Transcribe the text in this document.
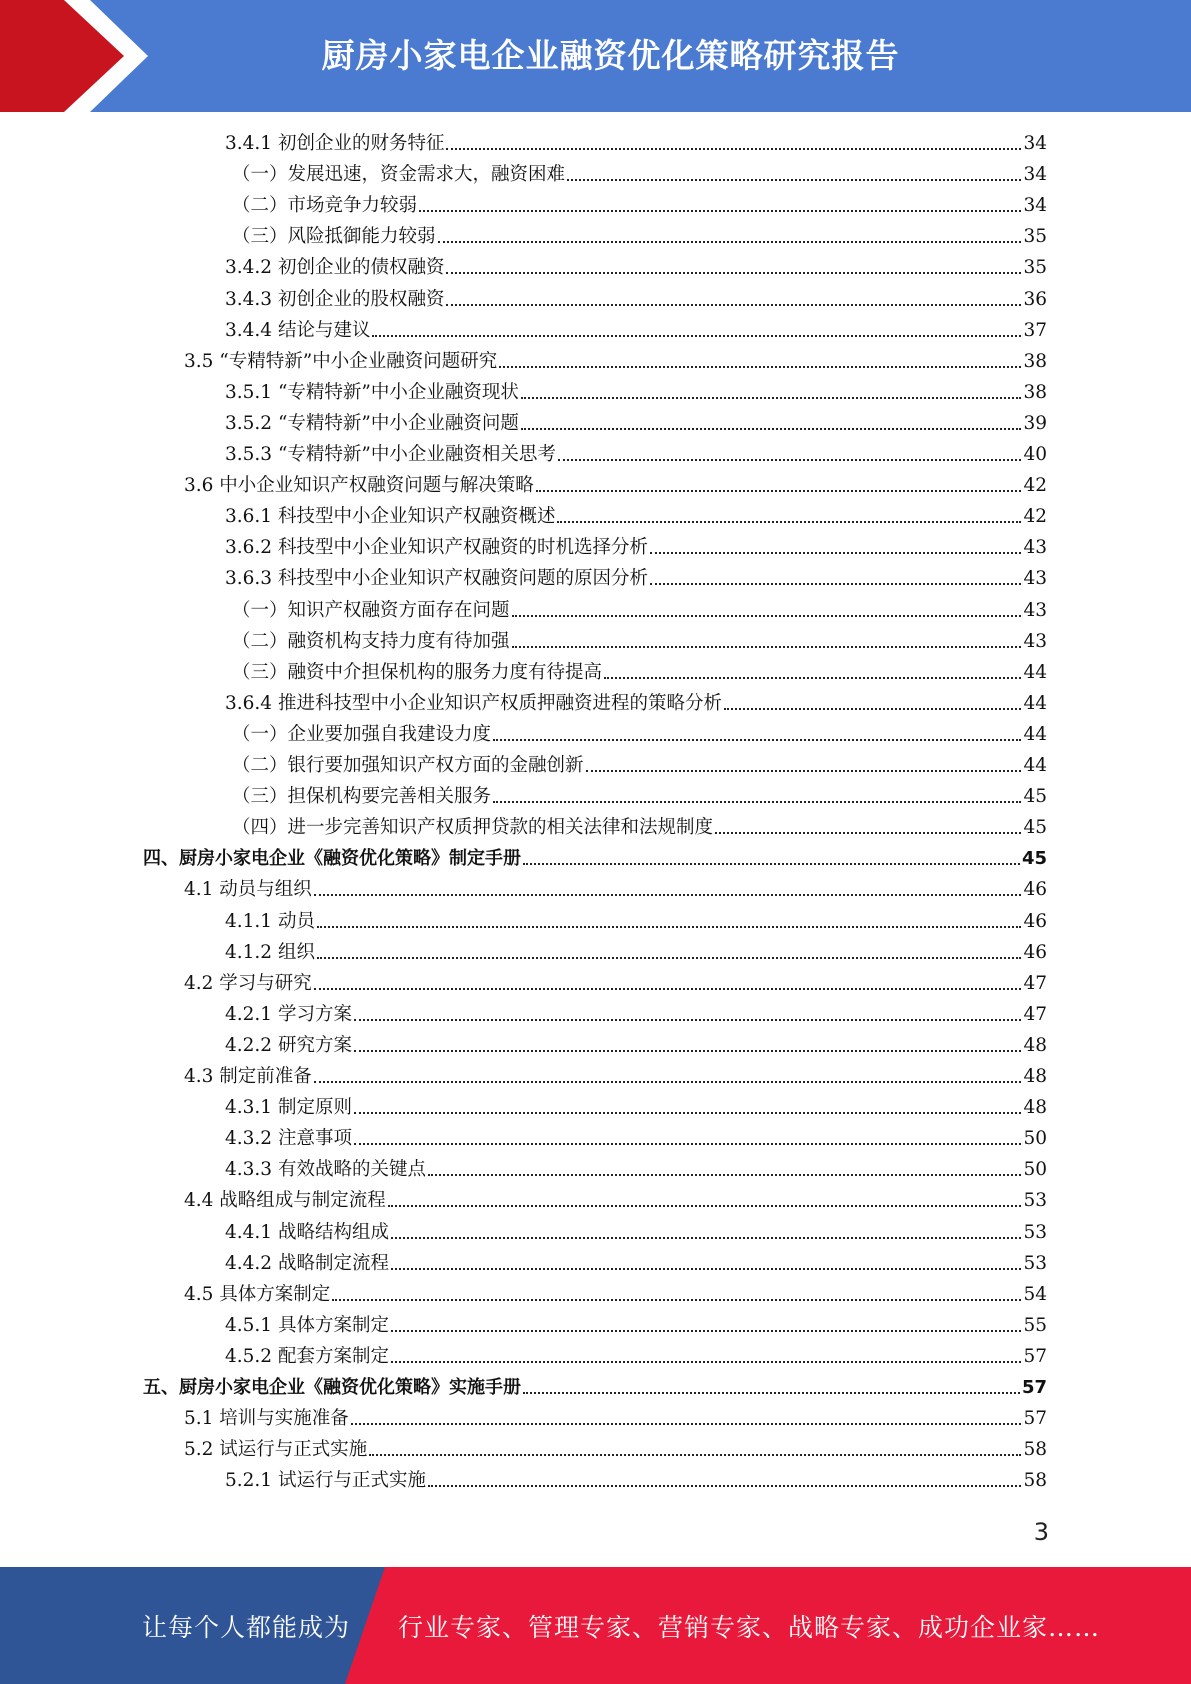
厨房小家电企业融资优化策略研究报告
3.4.1 初创企业的财务特征	34
（一）发展迅速，资金需求大，融资困难	34
（二）市场竞争力较弱	34
（三）风险抵御能力较弱	35
3.4.2 初创企业的债权融资	35
3.4.3 初创企业的股权融资	36
3.4.4 结论与建议	37
3.5 “专精特新”中小企业融资问题研究	38
3.5.1 “专精特新”中小企业融资现状	38
3.5.2 “专精特新”中小企业融资问题	39
3.5.3 “专精特新”中小企业融资相关思考	40
3.6 中小企业知识产权融资问题与解决策略	42
3.6.1 科技型中小企业知识产权融资概述	42
3.6.2 科技型中小企业知识产权融资的时机选择分析	43
3.6.3 科技型中小企业知识产权融资问题的原因分析	43
（一）知识产权融资方面存在问题	43
（二）融资机构支持力度有待加强	43
（三）融资中介担保机构的服务力度有待提高	44
3.6.4 推进科技型中小企业知识产权质押融资进程的策略分析	44
（一）企业要加强自我建设力度	44
（二）银行要加强知识产权方面的金融创新	44
（三）担保机构要完善相关服务	45
（四）进一步完善知识产权质押贷款的相关法律和法规制度	45
四、厨房小家电企业《融资优化策略》制定手册	45
4.1 动员与组织	46
4.1.1 动员	46
4.1.2 组织	46
4.2 学习与研究	47
4.2.1 学习方案	47
4.2.2 研究方案	48
4.3 制定前准备	48
4.3.1 制定原则	48
4.3.2 注意事项	50
4.3.3 有效战略的关键点	50
4.4 战略组成与制定流程	53
4.4.1 战略结构组成	53
4.4.2 战略制定流程	53
4.5 具体方案制定	54
4.5.1 具体方案制定	55
4.5.2 配套方案制定	57
五、厨房小家电企业《融资优化策略》实施手册	57
5.1 培训与实施准备	57
5.2 试运行与正式实施	58
5.2.1 试运行与正式实施	58
3
让每个人都能成为 行业专家、管理专家、营销专家、战略专家、成功企业家……
